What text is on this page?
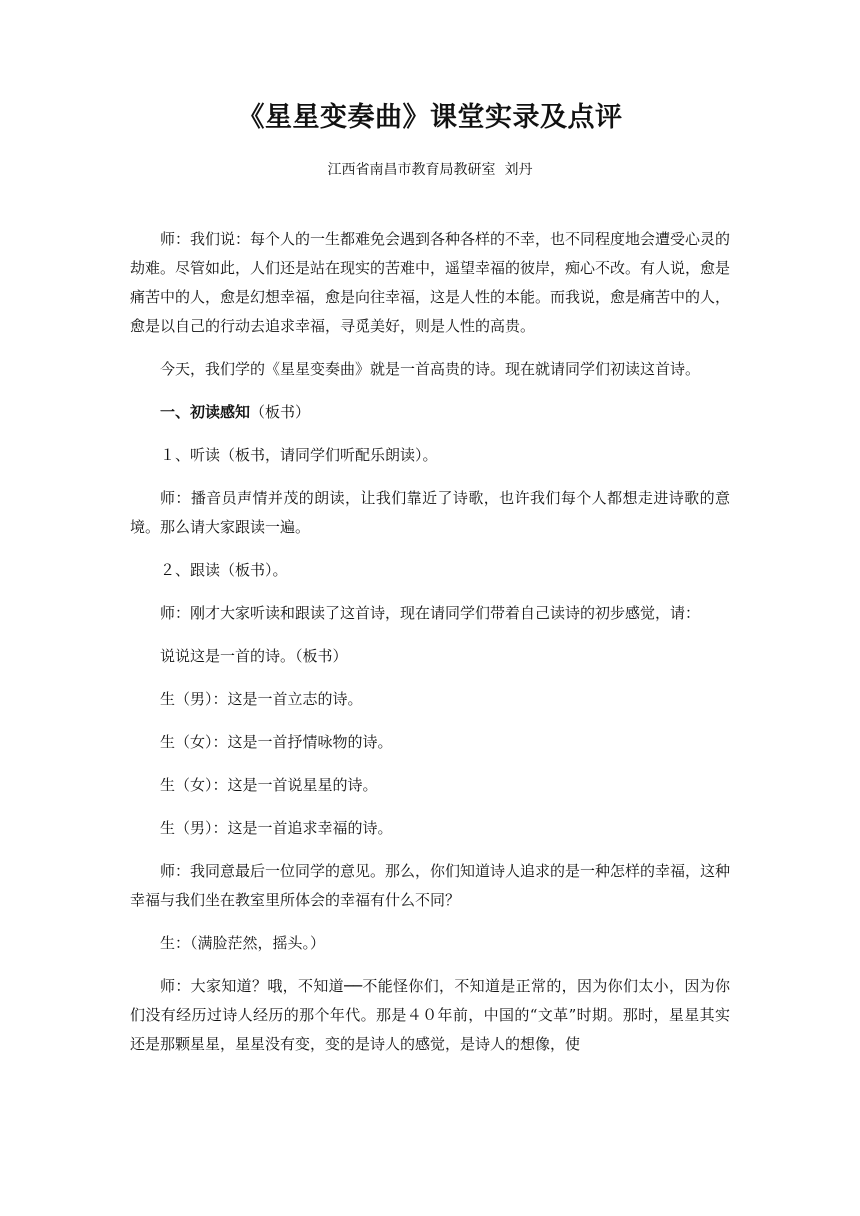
《星星变奏曲》课堂实录及点评
江西省南昌市教育局教研室  刘丹

师：我们说：每个人的一生都难免会遇到各种各样的不幸，也不同程度地会遭受心灵的劫难。尽管如此，人们还是站在现实的苦难中，遥望幸福的彼岸，痴心不改。有人说，愈是痛苦中的人，愈是幻想幸福，愈是向往幸福，这是人性的本能。而我说，愈是痛苦中的人，愈是以自己的行动去追求幸福，寻觅美好，则是人性的高贵。

今天，我们学的《星星变奏曲》就是一首高贵的诗。现在就请同学们初读这首诗。

一、初读感知（板书）

１、听读（板书，请同学们听配乐朗读）。

师：播音员声情并茂的朗读，让我们靠近了诗歌，也许我们每个人都想走进诗歌的意境。那么请大家跟读一遍。

２、跟读（板书）。

师：刚才大家听读和跟读了这首诗，现在请同学们带着自己读诗的初步感觉，请：

说说这是一首的诗。（板书）

生（男）：这是一首立志的诗。

生（女）：这是一首抒情咏物的诗。

生（女）：这是一首说星星的诗。

生（男）：这是一首追求幸福的诗。

师：我同意最后一位同学的意见。那么，你们知道诗人追求的是一种怎样的幸福，这种幸福与我们坐在教室里所体会的幸福有什么不同？

生：（满脸茫然，摇头。）

师：大家知道？哦，不知道──不能怪你们，不知道是正常的，因为你们太小，因为你们没有经历过诗人经历的那个年代。那是４０年前，中国的“文革”时期。那时，星星其实还是那颗星星，星星没有变，变的是诗人的感觉，是诗人的想像，使
